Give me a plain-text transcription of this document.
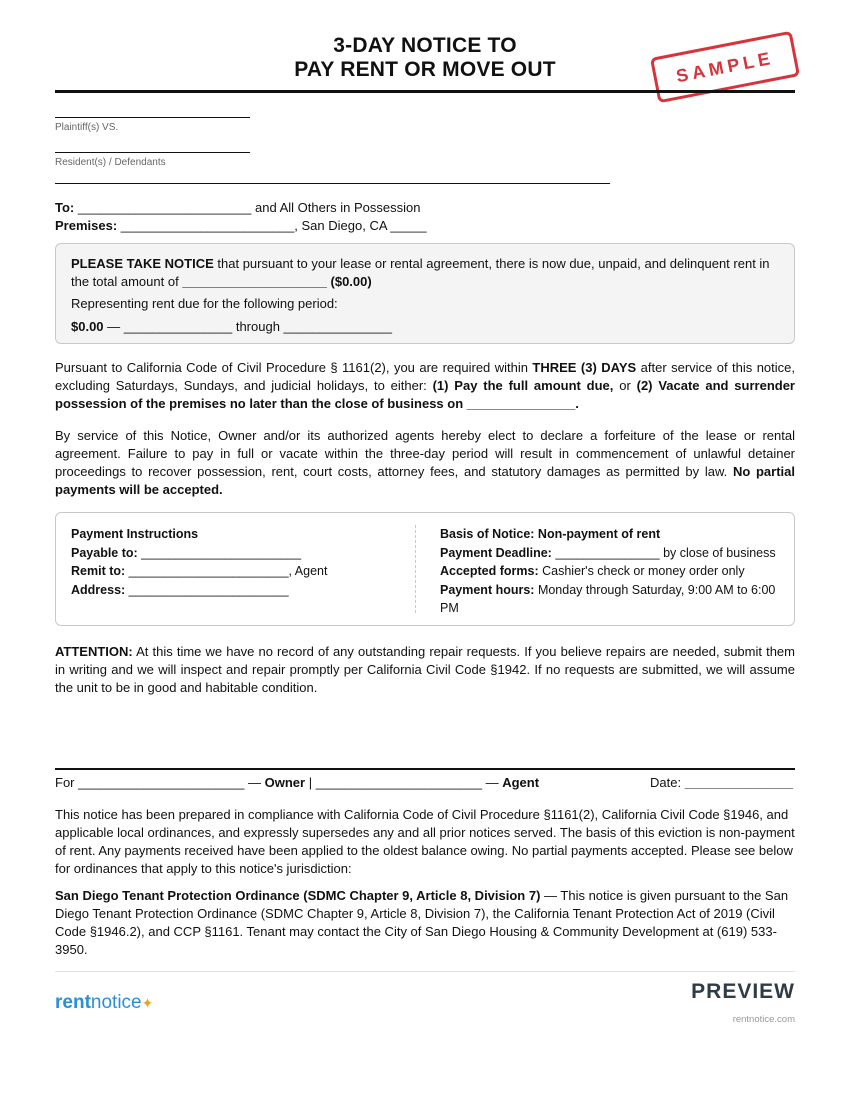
3-DAY NOTICE TO
PAY RENT OR MOVE OUT	SAMPLE
Plaintiff(s) VS.
Resident(s) / Defendants
To: ________________________ and All Others in Possession
Premises: ________________________, San Diego, CA _____

PLEASE TAKE NOTICE that pursuant to your lease or rental agreement, there is now due, unpaid, and delinquent rent in the total amount of ____________________ ($0.00)

Representing rent due for the following period:

$0.00 — _______________ through _______________

Pursuant to California Code of Civil Procedure § 1161(2), you are required within THREE (3) DAYS after service of this notice, excluding Saturdays, Sundays, and judicial holidays, to either: (1) Pay the full amount due, or (2) Vacate and surrender possession of the premises no later than the close of business on _______________.

By service of this Notice, Owner and/or its authorized agents hereby elect to declare a forfeiture of the lease or rental agreement. Failure to pay in full or vacate within the three-day period will result in commencement of unlawful detainer proceedings to recover possession, rent, court costs, attorney fees, and statutory damages as permitted by law. No partial payments will be accepted.

Payment Instructions
Payable to: _______________________
Remit to: _______________________, Agent
Address: _______________________
Basis of Notice: Non-payment of rent
Payment Deadline: _______________ by close of business
Accepted forms: Cashier's check or money order only
Payment hours: Monday through Saturday, 9:00 AM to 6:00 PM

ATTENTION: At this time we have no record of any outstanding repair requests. If you believe repairs are needed, submit them in writing and we will inspect and repair promptly per California Civil Code §1942. If no requests are submitted, we will assume the unit to be in good and habitable condition.

For _______________________ — Owner | _______________________ — Agent	Date: _______________

This notice has been prepared in compliance with California Code of Civil Procedure §1161(2), California Civil Code §1946, and applicable local ordinances, and expressly supersedes any and all prior notices served. The basis of this eviction is non-payment of rent. Any payments received have been applied to the oldest balance owing. No partial payments accepted. Please see below for ordinances that apply to this notice's jurisdiction:

San Diego Tenant Protection Ordinance (SDMC Chapter 9, Article 8, Division 7) — This notice is given pursuant to the San Diego Tenant Protection Ordinance (SDMC Chapter 9, Article 8, Division 7), the California Tenant Protection Act of 2019 (Civil Code §1946.2), and CCP §1161. Tenant may contact the City of San Diego Housing & Community Development at (619) 533-3950.

rentnotice✦	PREVIEW
rentnotice.com
